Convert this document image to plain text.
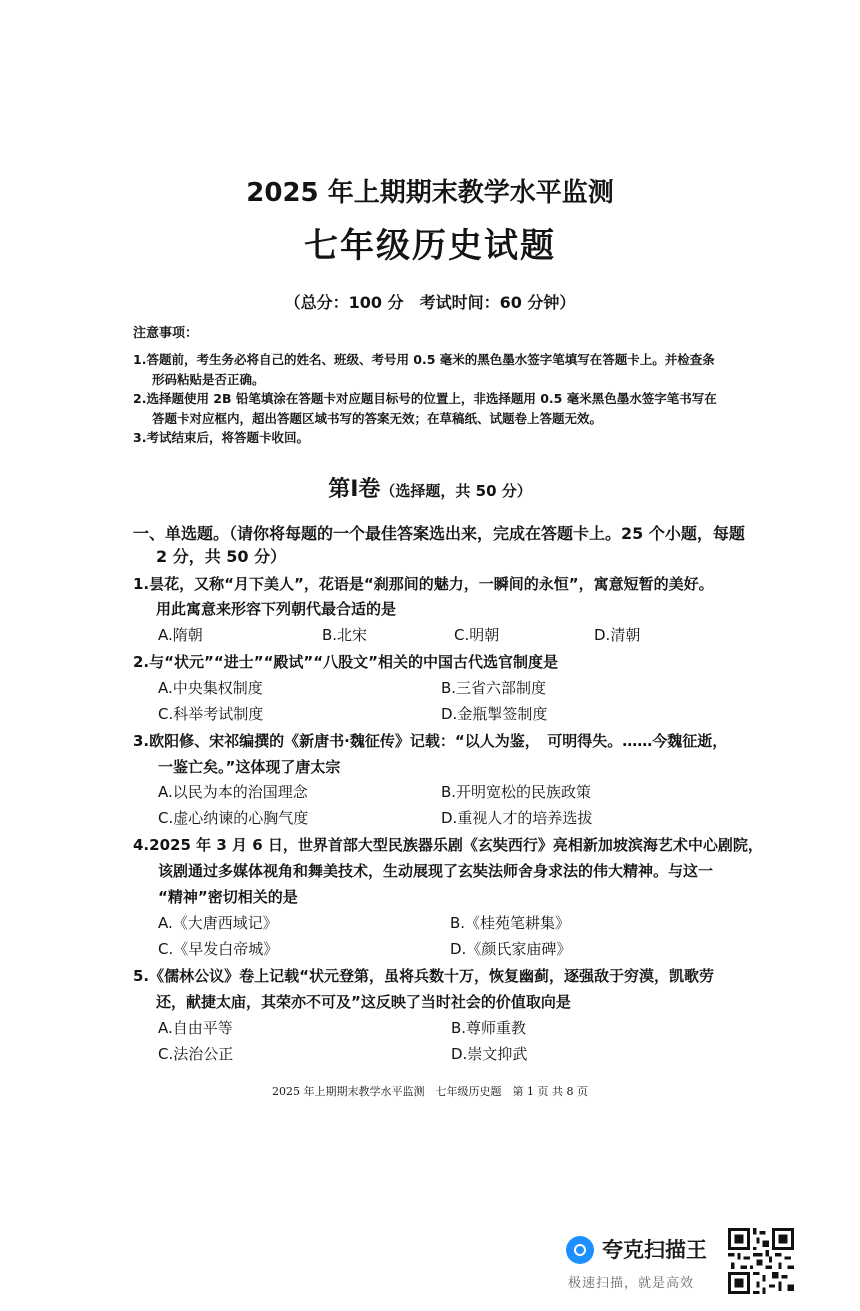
2025 年上期期末教学水平监测
七年级历史试题
（总分：100 分　考试时间：60 分钟）
注意事项：
1.答题前，考生务必将自己的姓名、班级、考号用 0.5 毫米的黑色墨水签字笔填写在答题卡上。并检查条
形码粘贴是否正确。
2.选择题使用 2B 铅笔填涂在答题卡对应题目标号的位置上，非选择题用 0.5 毫米黑色墨水签字笔书写在
答题卡对应框内，超出答题区域书写的答案无效；在草稿纸、试题卷上答题无效。
3.考试结束后，将答题卡收回。
第Ⅰ卷（选择题，共 50 分）
一、单选题。（请你将每题的一个最佳答案选出来，完成在答题卡上。25 个小题，每题
2 分，共 50 分）
1.昙花，又称“月下美人”，花语是“刹那间的魅力，一瞬间的永恒”，寓意短暂的美好。
用此寓意来形容下列朝代最合适的是
A.隋朝	B.北宋	C.明朝	D.清朝
2.与“状元”“进士”“殿试”“八股文”相关的中国古代选官制度是
A.中央集权制度	B.三省六部制度
C.科举考试制度	D.金瓶掣签制度
3.欧阳修、宋祁编撰的《新唐书·魏征传》记载：“以人为鉴，　可明得失。……今魏征逝，
一鉴亡矣。”这体现了唐太宗
A.以民为本的治国理念	B.开明宽松的民族政策
C.虚心纳谏的心胸气度	D.重视人才的培养选拔
4.2025 年 3 月 6 日，世界首部大型民族器乐剧《玄奘西行》亮相新加坡滨海艺术中心剧院，
该剧通过多媒体视角和舞美技术，生动展现了玄奘法师舍身求法的伟大精神。与这一
“精神”密切相关的是
A.《大唐西域记》	B.《桂苑笔耕集》
C.《早发白帝城》	D.《颜氏家庙碑》
5.《儒林公议》卷上记载“状元登第，虽将兵数十万，恢复幽蓟，逐强敌于穷漠，凯歌劳
还，献捷太庙，其荣亦不可及”这反映了当时社会的价值取向是
A.自由平等	B.尊师重教
C.法治公正	D.崇文抑武
2025 年上期期末教学水平监测　七年级历史题　第 1 页 共 8 页
夸克扫描王
极速扫描，就是高效
